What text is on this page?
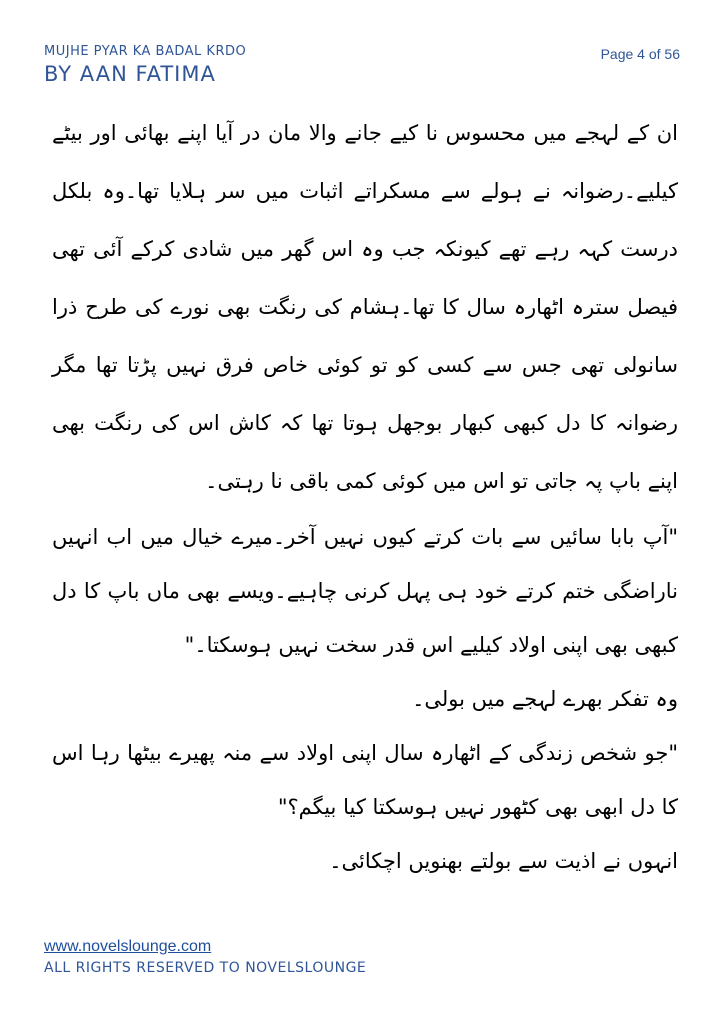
MUJHE PYAR KA BADAL KRDO
BY AAN FATIMA
Page 4 of 56

ان کے لہجے میں محسوس نا کیے جانے والا مان در آیا اپنے بھائی اور بیٹے کیلیے۔رضوانہ نے ہولے سے مسکراتے اثبات میں سر ہلایا تھا۔وہ بلکل درست کہہ رہے تھے کیونکہ جب وہ اس گھر میں شادی کرکے آئی تھی فیصل سترہ اٹھارہ سال کا تھا۔ہشام کی رنگت بھی نورے کی طرح ذرا سانولی تھی جس سے کسی کو تو کوئی خاص فرق نہیں پڑتا تھا مگر رضوانہ کا دل کبھی کبھار بوجھل ہوتا تھا کہ کاش اس کی رنگت بھی اپنے باپ پہ جاتی تو اس میں کوئی کمی باقی نا رہتی۔

"آپ بابا سائیں سے بات کرتے کیوں نہیں آخر۔میرے خیال میں اب انہیں ناراضگی ختم کرتے خود ہی پہل کرنی چاہیے۔ویسے بھی ماں باپ کا دل کبھی بھی اپنی اولاد کیلیے اس قدر سخت نہیں ہوسکتا۔"

وہ تفکر بھرے لہجے میں بولی۔

"جو شخص زندگی کے اٹھارہ سال اپنی اولاد سے منہ پھیرے بیٹھا رہا اس کا دل ابھی بھی کٹھور نہیں ہوسکتا کیا بیگم؟"

انہوں نے اذیت سے بولتے بھنویں اچکائی۔

www.novelslounge.com
ALL RIGHTS RESERVED TO NOVELSLOUNGE
